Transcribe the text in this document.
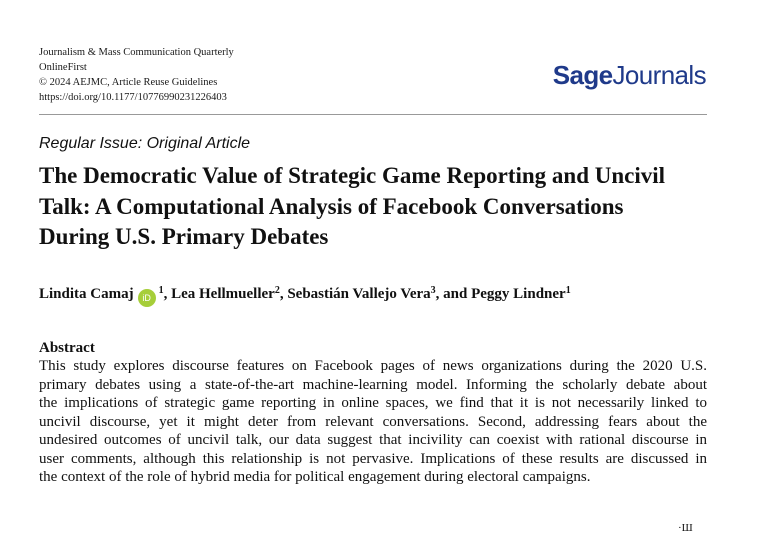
Journalism & Mass Communication Quarterly
OnlineFirst
© 2024 AEJMC, Article Reuse Guidelines
https://doi.org/10.1177/10776990231226403
SageJournals
Regular Issue: Original Article
The Democratic Value of Strategic Game Reporting and Uncivil
Talk: A Computational Analysis of Facebook Conversations
During U.S. Primary Debates
Lindita Camaj iD
$^1$ , Lea Hellmueller$^2$ , Sebastián Vallejo Vera$^3$ , and Peggy Lindner$^1$
Abstract
This study explores discourse features on Facebook pages of news organizations during the 2020 U.S.
primary debates using a state-of-the-art machine-learning model. Informing the scholarly debate about
the implications of strategic game reporting in online spaces, we find that it is not necessarily linked to
uncivil discourse, yet it might deter from relevant conversations. Second, addressing fears about the
undesired outcomes of uncivil talk, our data suggest that incivility can coexist with rational discourse in
user comments, although this relationship is not pervasive. Implications of these results are discussed in
the context of the role of hybrid media for political engagement during electoral campaigns.
·Ш
